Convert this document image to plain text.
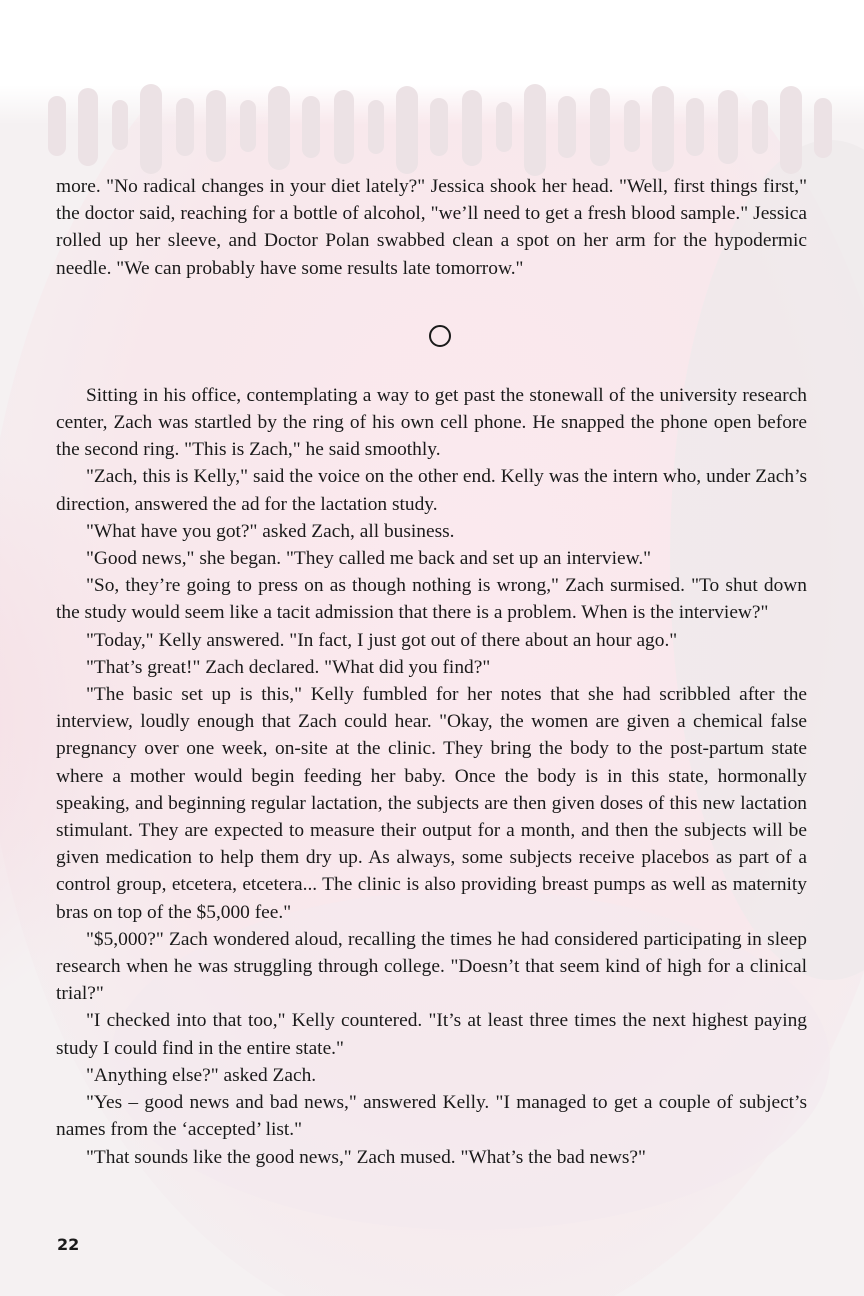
more. "No radical changes in your diet lately?" Jessica shook her head. "Well, first things first," the doctor said, reaching for a bottle of alcohol, "we’ll need to get a fresh blood sample." Jessica rolled up her sleeve, and Doctor Polan swabbed clean a spot on her arm for the hypodermic needle. "We can probably have some results late tomorrow."

Sitting in his office, contemplating a way to get past the stonewall of the university research center, Zach was startled by the ring of his own cell phone. He snapped the phone open before the second ring. "This is Zach," he said smoothly.

"Zach, this is Kelly," said the voice on the other end. Kelly was the intern who, under Zach’s direction, answered the ad for the lactation study.

"What have you got?" asked Zach, all business.

"Good news," she began. "They called me back and set up an interview."

"So, they’re going to press on as though nothing is wrong," Zach surmised. "To shut down the study would seem like a tacit admission that there is a problem. When is the interview?"

"Today," Kelly answered. "In fact, I just got out of there about an hour ago."

"That’s great!" Zach declared. "What did you find?"

"The basic set up is this," Kelly fumbled for her notes that she had scribbled after the interview, loudly enough that Zach could hear. "Okay, the women are given a chemical false pregnancy over one week, on-site at the clinic. They bring the body to the post-partum state where a mother would begin feeding her baby. Once the body is in this state, hormonally speaking, and beginning regular lactation, the subjects are then given doses of this new lactation stimulant. They are expected to measure their output for a month, and then the subjects will be given medication to help them dry up. As always, some subjects receive placebos as part of a control group, etcetera, etcetera... The clinic is also providing breast pumps as well as maternity bras on top of the $5,000 fee."

"$5,000?" Zach wondered aloud, recalling the times he had considered participating in sleep research when he was struggling through college. "Doesn’t that seem kind of high for a clinical trial?"

"I checked into that too," Kelly countered. "It’s at least three times the next highest paying study I could find in the entire state."

"Anything else?" asked Zach.

"Yes – good news and bad news," answered Kelly. "I managed to get a couple of subject’s names from the ‘accepted’ list."

"That sounds like the good news," Zach mused. "What’s the bad news?"

22
